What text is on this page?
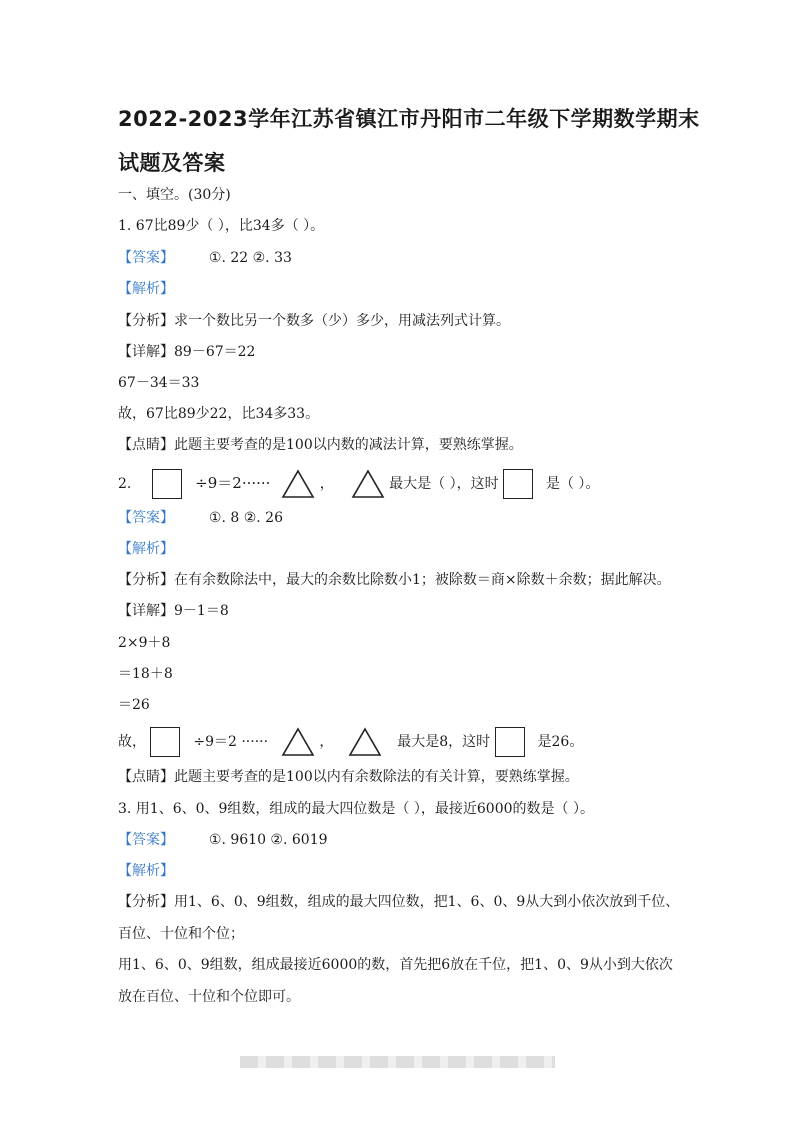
2022-2023学年江苏省镇江市丹阳市二年级下学期数学期末
试题及答案
一、填空。(30分)
1. 67比89少（ ），比34多（ ）。
【答案】 ①. 22 ②. 33
【解析】
【分析】求一个数比另一个数多（少）多少，用减法列式计算。
【详解】89－67＝22
67－34＝33
故，67比89少22，比34多33。
【点睛】此题主要考查的是100以内数的减法计算，要熟练掌握。
2.	÷9＝2······	，	最大是（ ），这时	是（ ）。
【答案】 ①. 8 ②. 26
【解析】
【分析】在有余数除法中，最大的余数比除数小1；被除数＝商×除数＋余数；据此解决。
【详解】9－1＝8
2×9＋8
＝18＋8
＝26
故，	÷9＝2 ······	，	最大是8，这时	是26。
【点睛】此题主要考查的是100以内有余数除法的有关计算，要熟练掌握。
3. 用1、6、0、9组数，组成的最大四位数是（ ），最接近6000的数是（ ）。
【答案】 ①. 9610 ②. 6019
【解析】
【分析】用1、6、0、9组数，组成的最大四位数，把1、6、0、9从大到小依次放到千位、
百位、十位和个位；
用1、6、0、9组数，组成最接近6000的数，首先把6放在千位，把1、0、9从小到大依次
放在百位、十位和个位即可。
